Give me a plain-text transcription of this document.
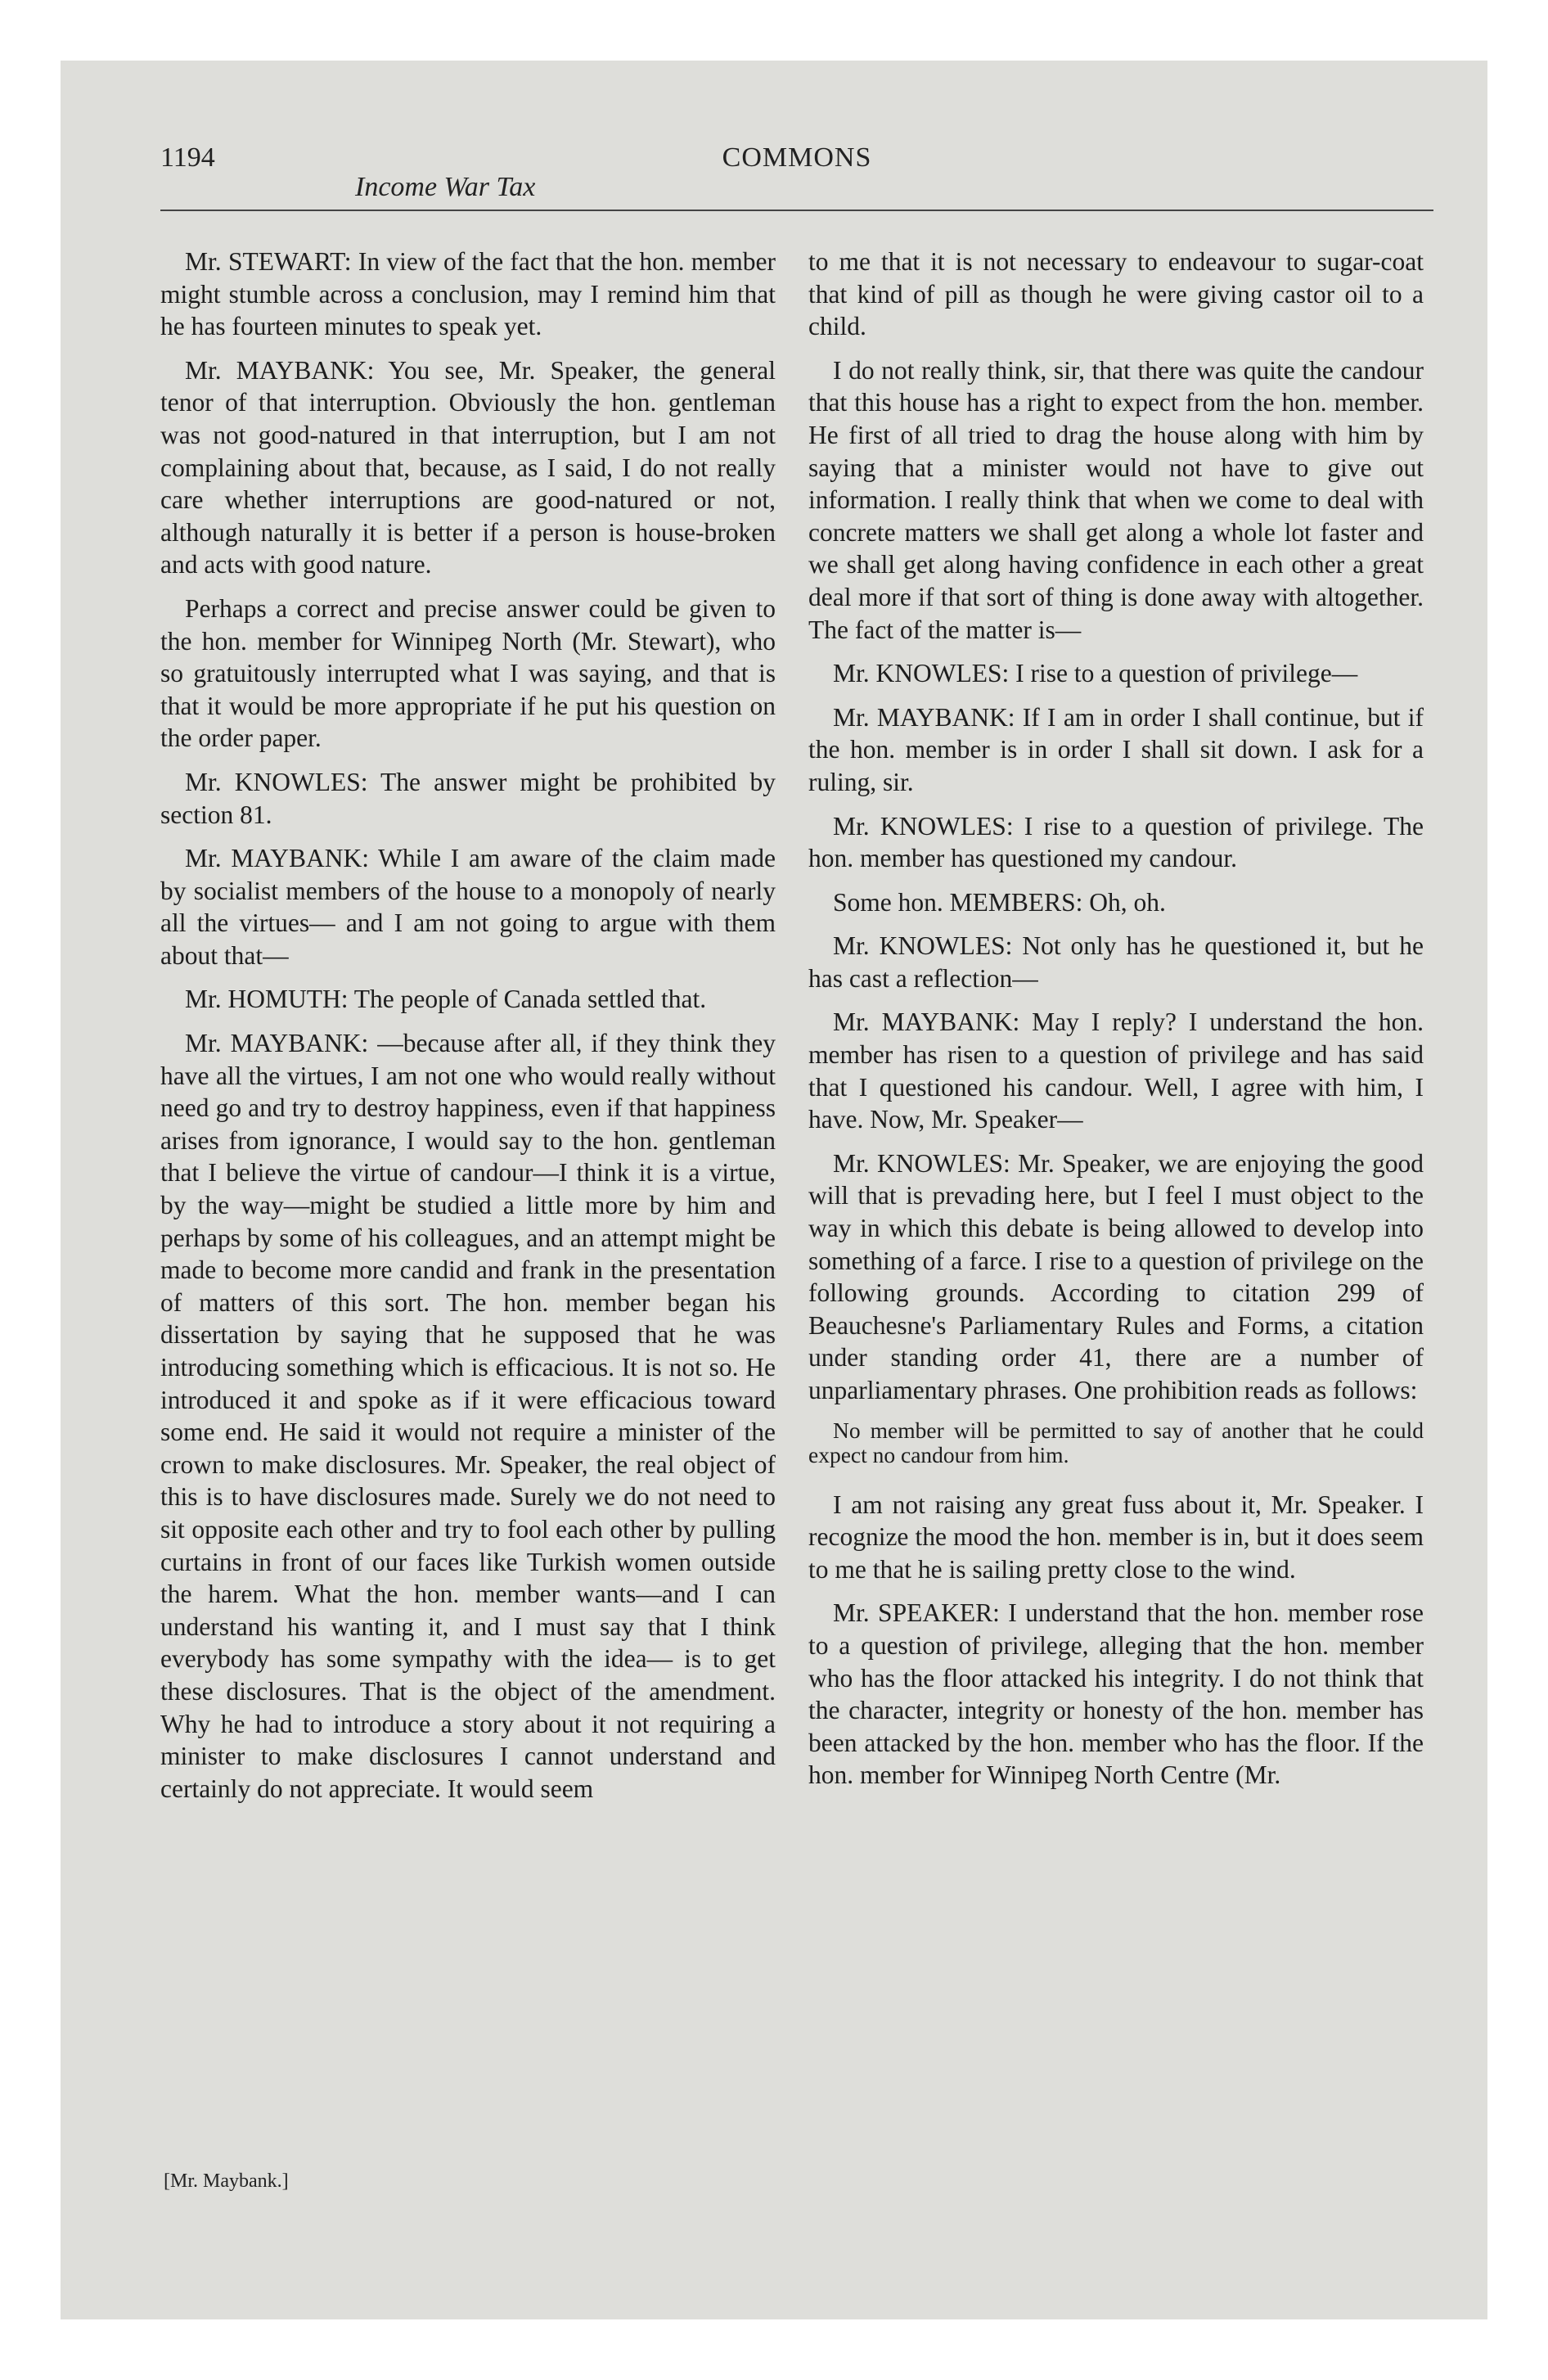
1194	COMMONS
Income War Tax

Mr. STEWART: In view of the fact that the hon. member might stumble across a conclusion, may I remind him that he has fourteen minutes to speak yet.

Mr. MAYBANK: You see, Mr. Speaker, the general tenor of that interruption. Obviously the hon. gentleman was not good-natured in that interruption, but I am not complaining about that, because, as I said, I do not really care whether interruptions are good-natured or not, although naturally it is better if a person is house-broken and acts with good nature.

Perhaps a correct and precise answer could be given to the hon. member for Winnipeg North (Mr. Stewart), who so gratuitously interrupted what I was saying, and that is that it would be more appropriate if he put his question on the order paper.

Mr. KNOWLES: The answer might be prohibited by section 81.

Mr. MAYBANK: While I am aware of the claim made by socialist members of the house to a monopoly of nearly all the virtues— and I am not going to argue with them about that—

Mr. HOMUTH: The people of Canada settled that.

Mr. MAYBANK: —because after all, if they think they have all the virtues, I am not one who would really without need go and try to destroy happiness, even if that happiness arises from ignorance, I would say to the hon. gentleman that I believe the virtue of candour—I think it is a virtue, by the way—might be studied a little more by him and perhaps by some of his colleagues, and an attempt might be made to become more candid and frank in the presentation of matters of this sort. The hon. member began his dissertation by saying that he supposed that he was introducing something which is efficacious. It is not so. He introduced it and spoke as if it were efficacious toward some end. He said it would not require a minister of the crown to make disclosures. Mr. Speaker, the real object of this is to have disclosures made. Surely we do not need to sit opposite each other and try to fool each other by pulling curtains in front of our faces like Turkish women outside the harem. What the hon. member wants—and I can understand his wanting it, and I must say that I think everybody has some sympathy with the idea— is to get these disclosures. That is the object of the amendment. Why he had to introduce a story about it not requiring a minister to make disclosures I cannot understand and certainly do not appreciate. It would seem

to me that it is not necessary to endeavour to sugar-coat that kind of pill as though he were giving castor oil to a child.

I do not really think, sir, that there was quite the candour that this house has a right to expect from the hon. member. He first of all tried to drag the house along with him by saying that a minister would not have to give out information. I really think that when we come to deal with concrete matters we shall get along a whole lot faster and we shall get along having confidence in each other a great deal more if that sort of thing is done away with altogether. The fact of the matter is—

Mr. KNOWLES: I rise to a question of privilege—

Mr. MAYBANK: If I am in order I shall continue, but if the hon. member is in order I shall sit down. I ask for a ruling, sir.

Mr. KNOWLES: I rise to a question of privilege. The hon. member has questioned my candour.

Some hon. MEMBERS: Oh, oh.

Mr. KNOWLES: Not only has he questioned it, but he has cast a reflection—

Mr. MAYBANK: May I reply? I understand the hon. member has risen to a question of privilege and has said that I questioned his candour. Well, I agree with him, I have. Now, Mr. Speaker—

Mr. KNOWLES: Mr. Speaker, we are enjoying the good will that is prevading here, but I feel I must object to the way in which this debate is being allowed to develop into something of a farce. I rise to a question of privilege on the following grounds. According to citation 299 of Beauchesne's Parliamentary Rules and Forms, a citation under standing order 41, there are a number of unparliamentary phrases. One prohibition reads as follows:

No member will be permitted to say of another that he could expect no candour from him.

I am not raising any great fuss about it, Mr. Speaker. I recognize the mood the hon. member is in, but it does seem to me that he is sailing pretty close to the wind.

Mr. SPEAKER: I understand that the hon. member rose to a question of privilege, alleging that the hon. member who has the floor attacked his integrity. I do not think that the character, integrity or honesty of the hon. member has been attacked by the hon. member who has the floor. If the hon. member for Winnipeg North Centre (Mr.

[Mr. Maybank.]
